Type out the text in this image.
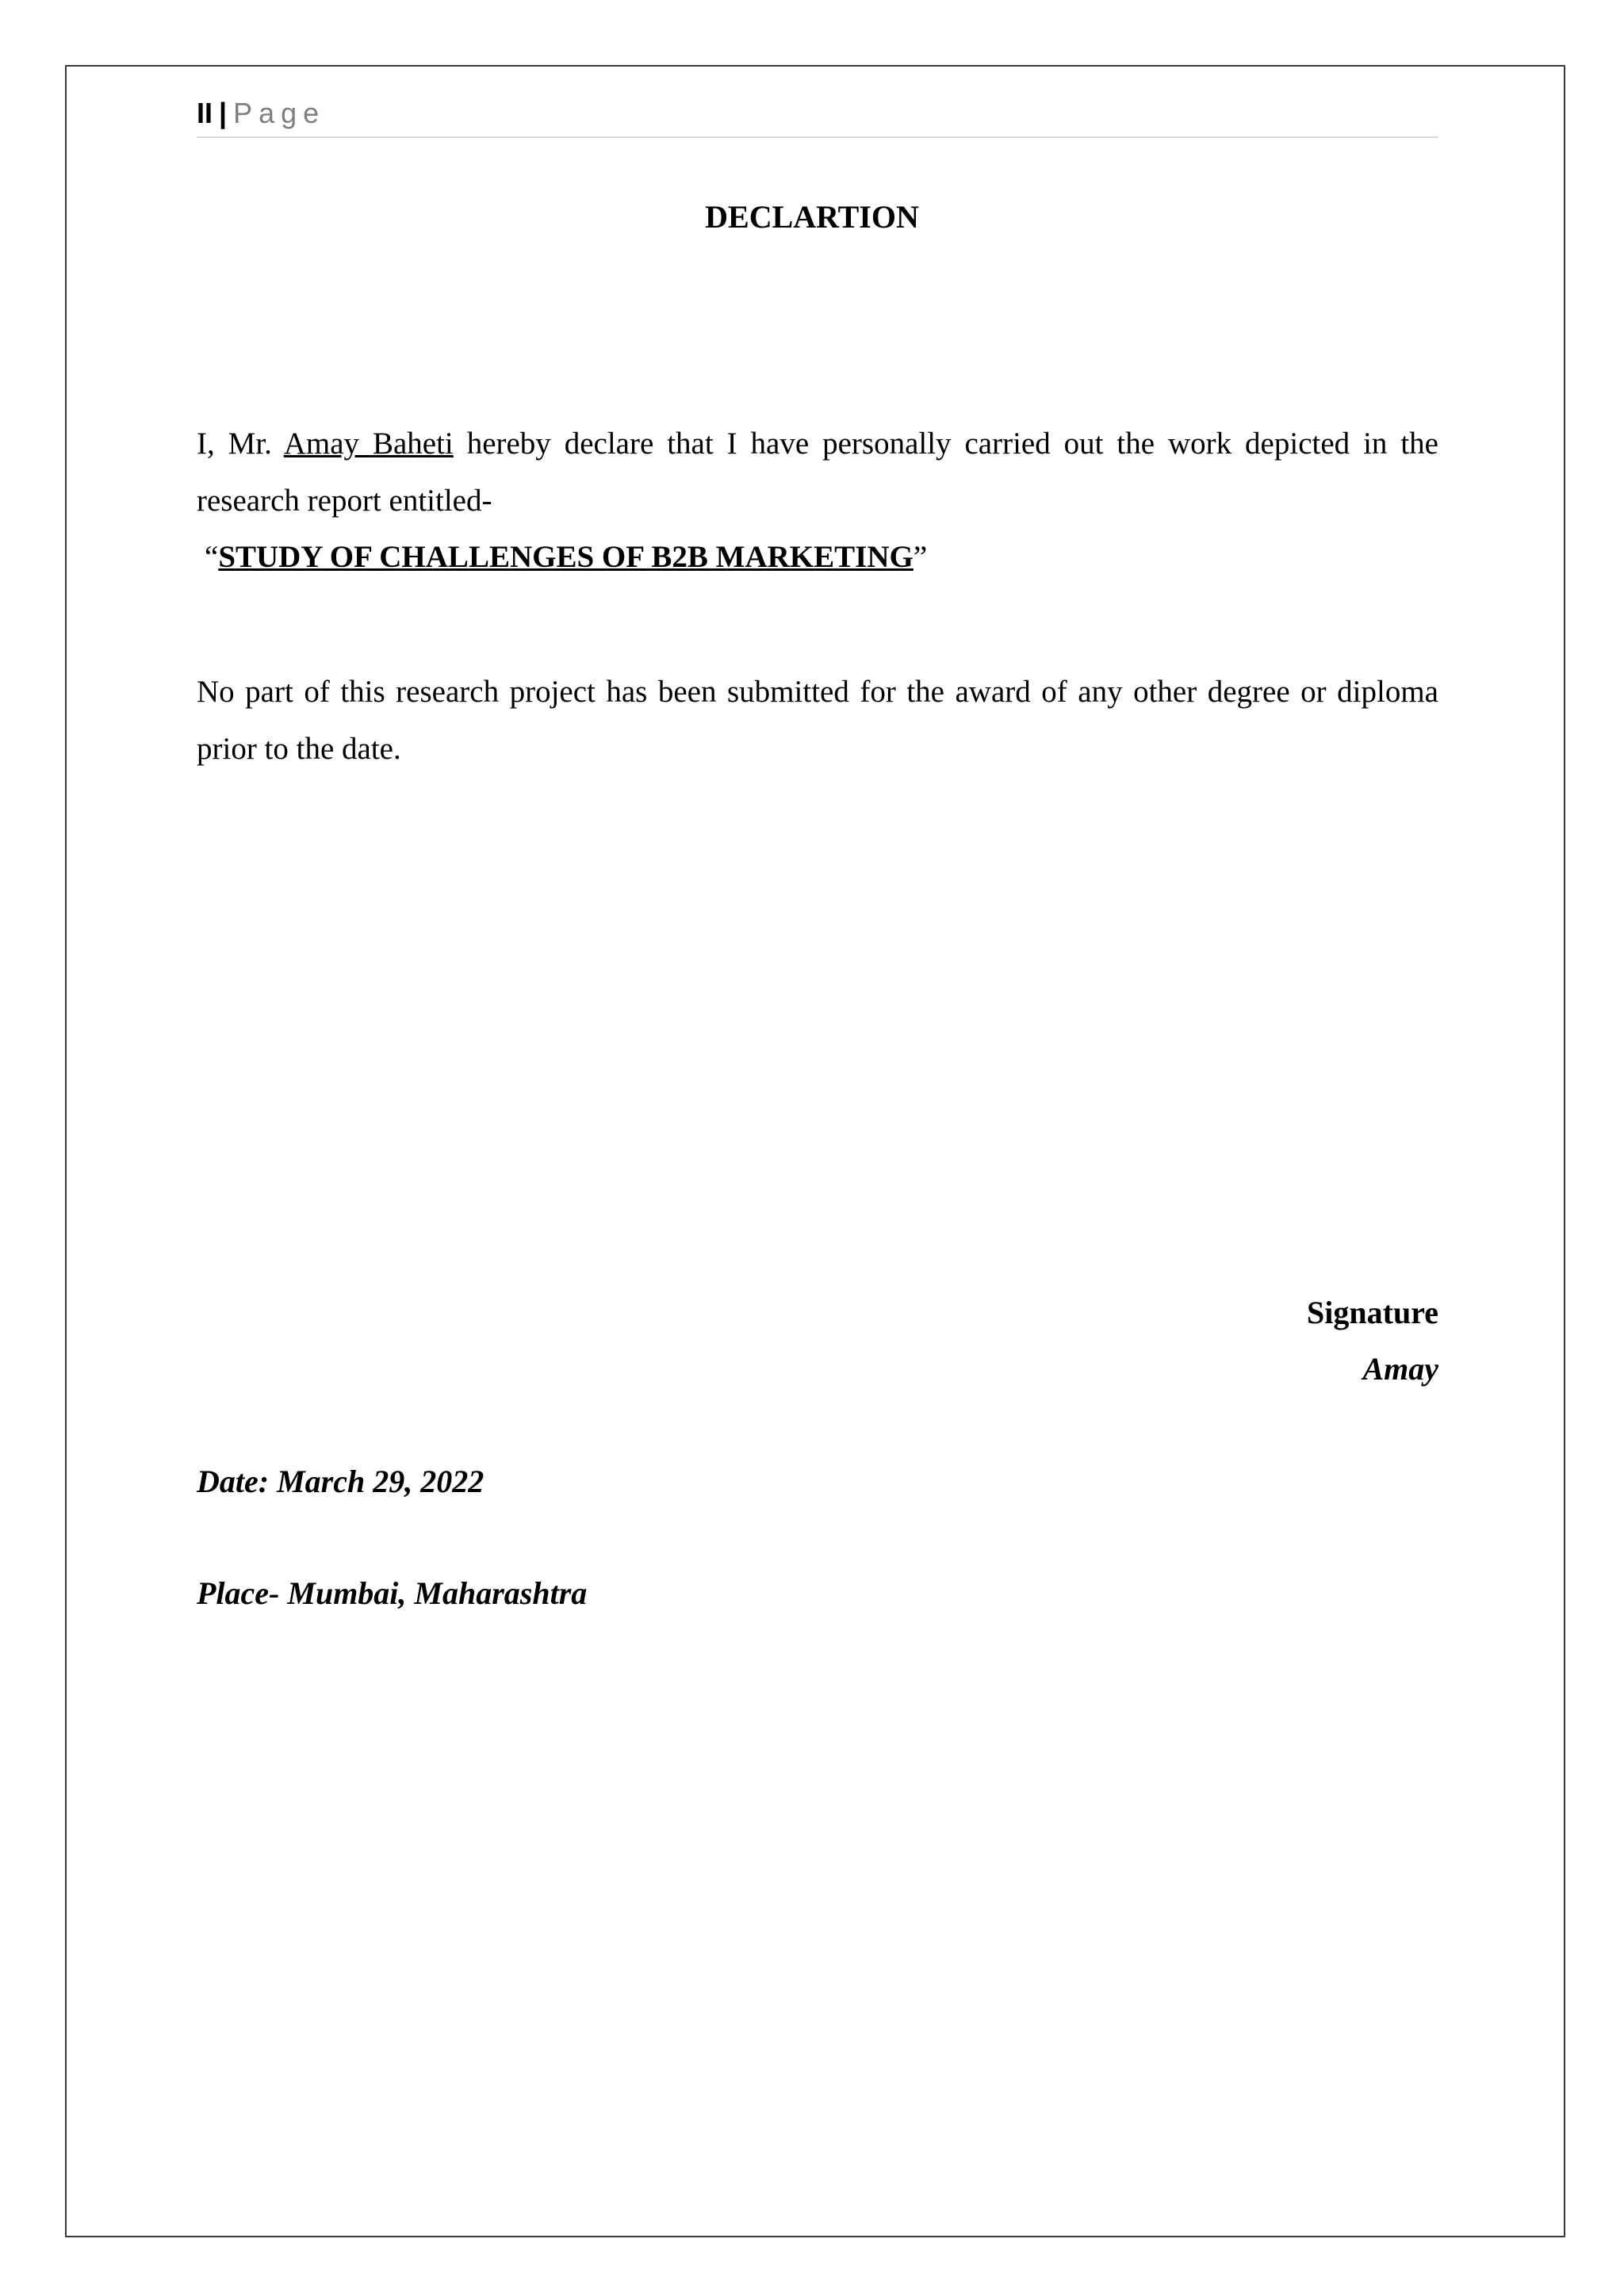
II | Page
DECLARTION
I, Mr. Amay Baheti hereby declare that I have personally carried out the work depicted in the
research report entitled-
“STUDY OF CHALLENGES OF B2B MARKETING”
No part of this research project has been submitted for the award of any other degree or diploma
prior to the date.
Signature
Amay
Date: March 29, 2022
Place- Mumbai, Maharashtra
